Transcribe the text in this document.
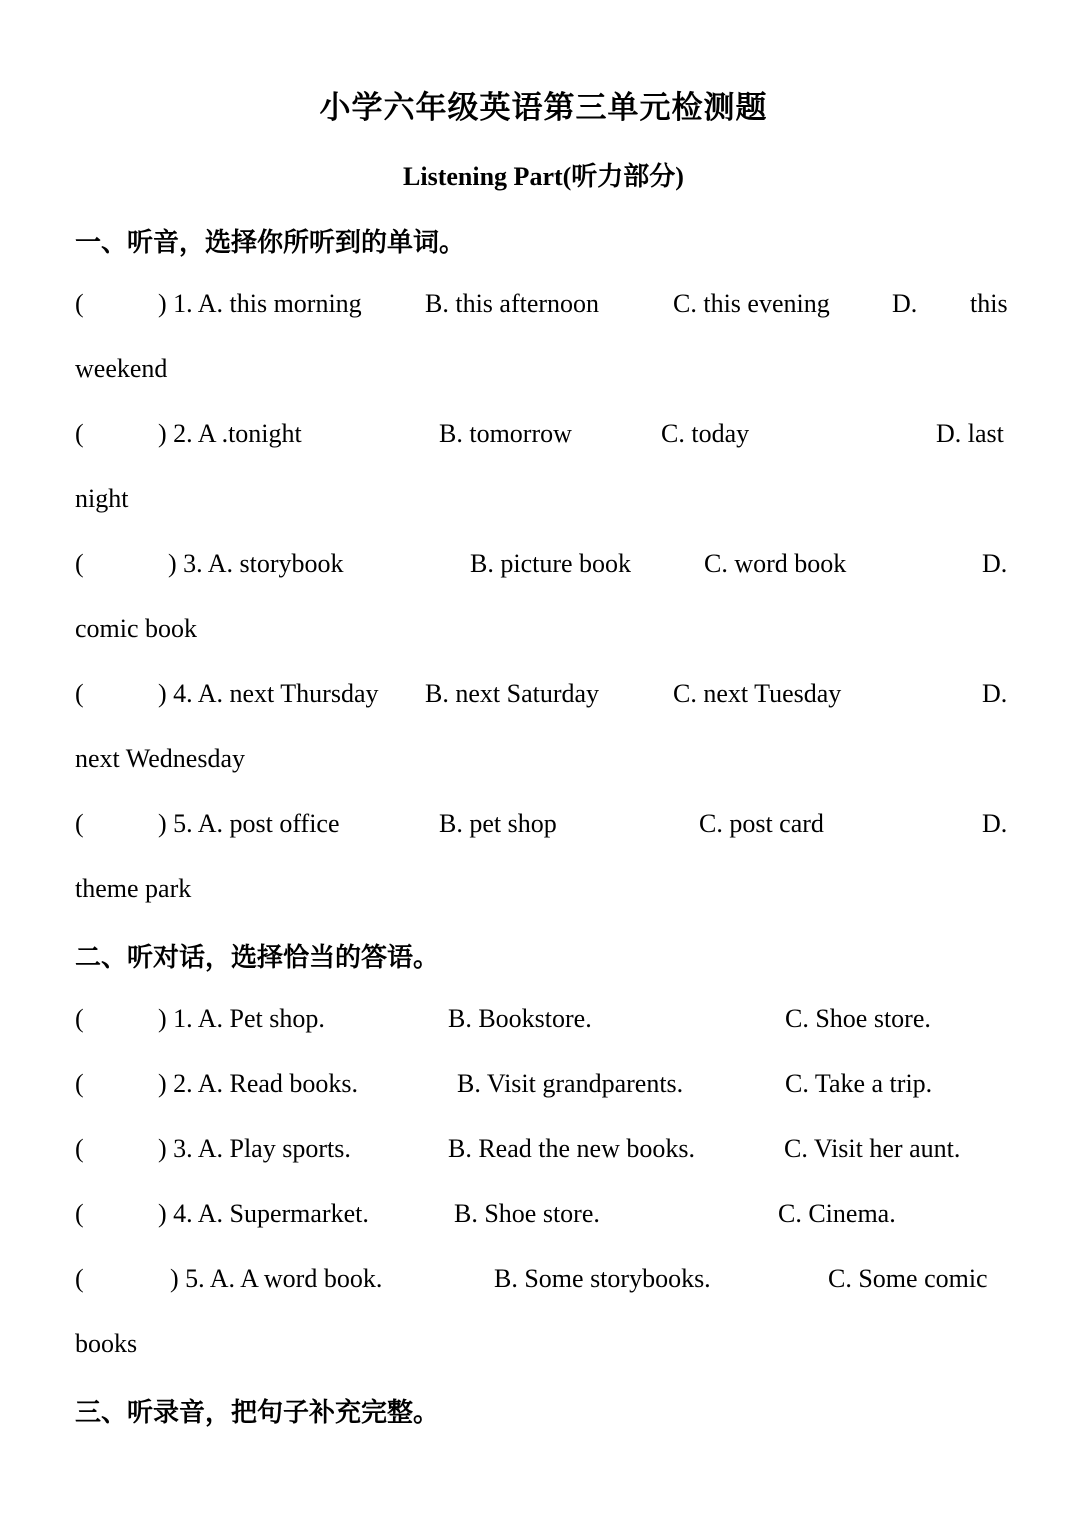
小学六年级英语第三单元检测题
Listening Part(听力部分)
一、听音，选择你所听到的单词。
(	) 1. A. this morning B. this afternoon	C. this evening D. this
weekend
(	) 2. A .tonight	B. tomorrow	C. today	D. last
night
(	) 3. A. storybook	B. picture book	C. word book	D.
comic book
(	) 4. A. next Thursday B. next Saturday	C. next Tuesday	D.
next Wednesday
(	) 5. A. post office	B. pet shop	C. post card	D.
theme park
二、听对话，选择恰当的答语。
(	) 1. A. Pet shop.	B. Bookstore.	C. Shoe store.
(	) 2. A. Read books.	B. Visit grandparents.	C. Take a trip.
(	) 3. A. Play sports.	B. Read the new books.	C. Visit her aunt.
(	) 4. A. Supermarket.	B. Shoe store.	C. Cinema.
(	) 5. A. A word book.	B. Some storybooks.	C. Some comic
books
三、听录音，把句子补充完整。
